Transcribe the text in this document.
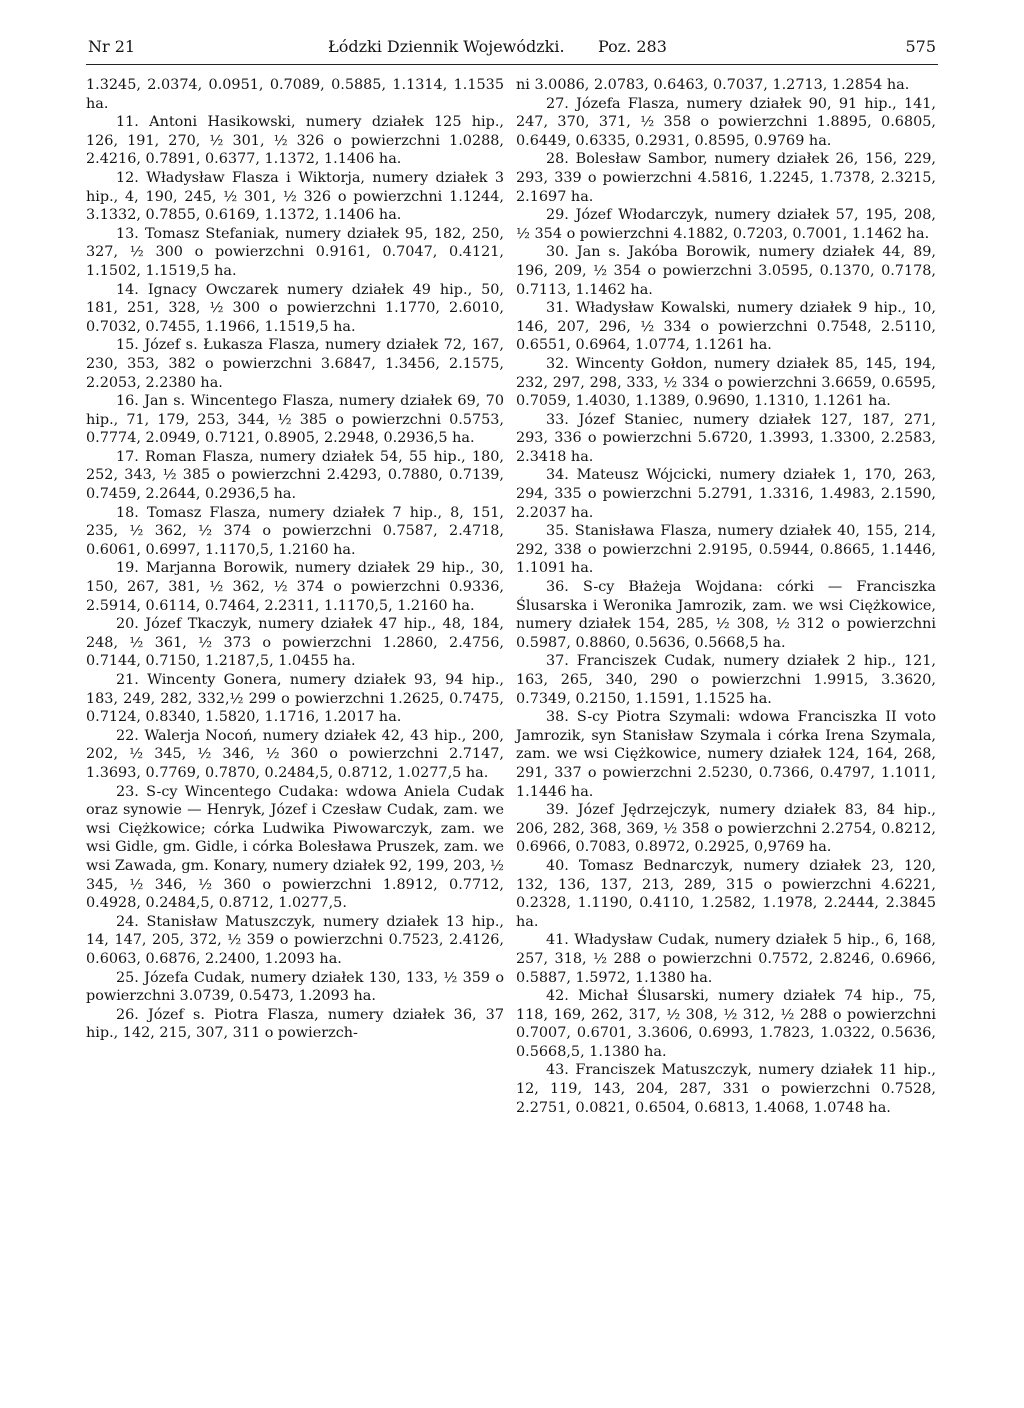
Nr 21	Łódzki Dziennik Wojewódzki. Poz. 283	575

1.3245, 2.0374, 0.0951, 0.7089, 0.5885, 1.1314, 1.1535 ha.

11. Antoni Hasikowski, numery działek 125 hip., 126, 191, 270, ½ 301, ½ 326 o powierzchni 1.0288, 2.4216, 0.7891, 0.6377, 1.1372, 1.1406 ha.

12. Władysław Flasza i Wiktorja, numery działek 3 hip., 4, 190, 245, ½ 301, ½ 326 o powierzchni 1.1244, 3.1332, 0.7855, 0.6169, 1.1372, 1.1406 ha.

13. Tomasz Stefaniak, numery działek 95, 182, 250, 327, ½ 300 o powierzchni 0.9161, 0.7047, 0.4121, 1.1502, 1.1519,5 ha.

14. Ignacy Owczarek numery działek 49 hip., 50, 181, 251, 328, ½ 300 o powierzchni 1.1770, 2.6010, 0.7032, 0.7455, 1.1966, 1.1519,5 ha.

15. Józef s. Łukasza Flasza, numery działek 72, 167, 230, 353, 382 o powierzchni 3.6847, 1.3456, 2.1575, 2.2053, 2.2380 ha.

16. Jan s. Wincentego Flasza, numery działek 69, 70 hip., 71, 179, 253, 344, ½ 385 o powierzchni 0.5753, 0.7774, 2.0949, 0.7121, 0.8905, 2.2948, 0.2936,5 ha.

17. Roman Flasza, numery działek 54, 55 hip., 180, 252, 343, ½ 385 o powierzchni 2.4293, 0.7880, 0.7139, 0.7459, 2.2644, 0.2936,5 ha.

18. Tomasz Flasza, numery działek 7 hip., 8, 151, 235, ½ 362, ½ 374 o powierzchni 0.7587, 2.4718, 0.6061, 0.6997, 1.1170,5, 1.2160 ha.

19. Marjanna Borowik, numery działek 29 hip., 30, 150, 267, 381, ½ 362, ½ 374 o powierzchni 0.9336, 2.5914, 0.6114, 0.7464, 2.2311, 1.1170,5, 1.2160 ha.

20. Józef Tkaczyk, numery działek 47 hip., 48, 184, 248, ½ 361, ½ 373 o powierzchni 1.2860, 2.4756, 0.7144, 0.7150, 1.2187,5, 1.0455 ha.

21. Wincenty Gonera, numery działek 93, 94 hip., 183, 249, 282, 332,½ 299 o powierzchni 1.2625, 0.7475, 0.7124, 0.8340, 1.5820, 1.1716, 1.2017 ha.

22. Walerja Nocoń, numery działek 42, 43 hip., 200, 202, ½ 345, ½ 346, ½ 360 o powierzchni 2.7147, 1.3693, 0.7769, 0.7870, 0.2484,5, 0.8712, 1.0277,5 ha.

23. S-cy Wincentego Cudaka: wdowa Aniela Cudak oraz synowie — Henryk, Józef i Czesław Cudak, zam. we wsi Ciężkowice; córka Ludwika Piwowarczyk, zam. we wsi Gidle, gm. Gidle, i córka Bolesława Pruszek, zam. we wsi Zawada, gm. Konary, numery działek 92, 199, 203, ½ 345, ½ 346, ½ 360 o powierzchni 1.8912, 0.7712, 0.4928, 0.2484,5, 0.8712, 1.0277,5.

24. Stanisław Matuszczyk, numery działek 13 hip., 14, 147, 205, 372, ½ 359 o powierzchni 0.7523, 2.4126, 0.6063, 0.6876, 2.2400, 1.2093 ha.

25. Józefa Cudak, numery działek 130, 133, ½ 359 o powierzchni 3.0739, 0.5473, 1.2093 ha.

26. Józef s. Piotra Flasza, numery działek 36, 37 hip., 142, 215, 307, 311 o powierzch-

ni 3.0086, 2.0783, 0.6463, 0.7037, 1.2713, 1.2854 ha.

27. Józefa Flasza, numery działek 90, 91 hip., 141, 247, 370, 371, ½ 358 o powierzchni 1.8895, 0.6805, 0.6449, 0.6335, 0.2931, 0.8595, 0.9769 ha.

28. Bolesław Sambor, numery działek 26, 156, 229, 293, 339 o powierzchni 4.5816, 1.2245, 1.7378, 2.3215, 2.1697 ha.

29. Józef Włodarczyk, numery działek 57, 195, 208, ½ 354 o powierzchni 4.1882, 0.7203, 0.7001, 1.1462 ha.

30. Jan s. Jakóba Borowik, numery działek 44, 89, 196, 209, ½ 354 o powierzchni 3.0595, 0.1370, 0.7178, 0.7113, 1.1462 ha.

31. Władysław Kowalski, numery działek 9 hip., 10, 146, 207, 296, ½ 334 o powierzchni 0.7548, 2.5110, 0.6551, 0.6964, 1.0774, 1.1261 ha.

32. Wincenty Gołdon, numery działek 85, 145, 194, 232, 297, 298, 333, ½ 334 o powierzchni 3.6659, 0.6595, 0.7059, 1.4030, 1.1389, 0.9690, 1.1310, 1.1261 ha.

33. Józef Staniec, numery działek 127, 187, 271, 293, 336 o powierzchni 5.6720, 1.3993, 1.3300, 2.2583, 2.3418 ha.

34. Mateusz Wójcicki, numery działek 1, 170, 263, 294, 335 o powierzchni 5.2791, 1.3316, 1.4983, 2.1590, 2.2037 ha.

35. Stanisława Flasza, numery działek 40, 155, 214, 292, 338 o powierzchni 2.9195, 0.5944, 0.8665, 1.1446, 1.1091 ha.

36. S-cy Błażeja Wojdana: córki — Franciszka Ślusarska i Weronika Jamrozik, zam. we wsi Ciężkowice, numery działek 154, 285, ½ 308, ½ 312 o powierzchni 0.5987, 0.8860, 0.5636, 0.5668,5 ha.

37. Franciszek Cudak, numery działek 2 hip., 121, 163, 265, 340, 290 o powierzchni 1.9915, 3.3620, 0.7349, 0.2150, 1.1591, 1.1525 ha.

38. S-cy Piotra Szymali: wdowa Franciszka II voto Jamrozik, syn Stanisław Szymala i córka Irena Szymala, zam. we wsi Ciężkowice, numery działek 124, 164, 268, 291, 337 o powierzchni 2.5230, 0.7366, 0.4797, 1.1011, 1.1446 ha.

39. Józef Jędrzejczyk, numery działek 83, 84 hip., 206, 282, 368, 369, ½ 358 o powierzchni 2.2754, 0.8212, 0.6966, 0.7083, 0.8972, 0.2925, 0,9769 ha.

40. Tomasz Bednarczyk, numery działek 23, 120, 132, 136, 137, 213, 289, 315 o powierzchni 4.6221, 0.2328, 1.1190, 0.4110, 1.2582, 1.1978, 2.2444, 2.3845 ha.

41. Władysław Cudak, numery działek 5 hip., 6, 168, 257, 318, ½ 288 o powierzchni 0.7572, 2.8246, 0.6966, 0.5887, 1.5972, 1.1380 ha.

42. Michał Ślusarski, numery działek 74 hip., 75, 118, 169, 262, 317, ½ 308, ½ 312, ½ 288 o powierzchni 0.7007, 0.6701, 3.3606, 0.6993, 1.7823, 1.0322, 0.5636, 0.5668,5, 1.1380 ha.

43. Franciszek Matuszczyk, numery działek 11 hip., 12, 119, 143, 204, 287, 331 o powierzchni 0.7528, 2.2751, 0.0821, 0.6504, 0.6813, 1.4068, 1.0748 ha.
